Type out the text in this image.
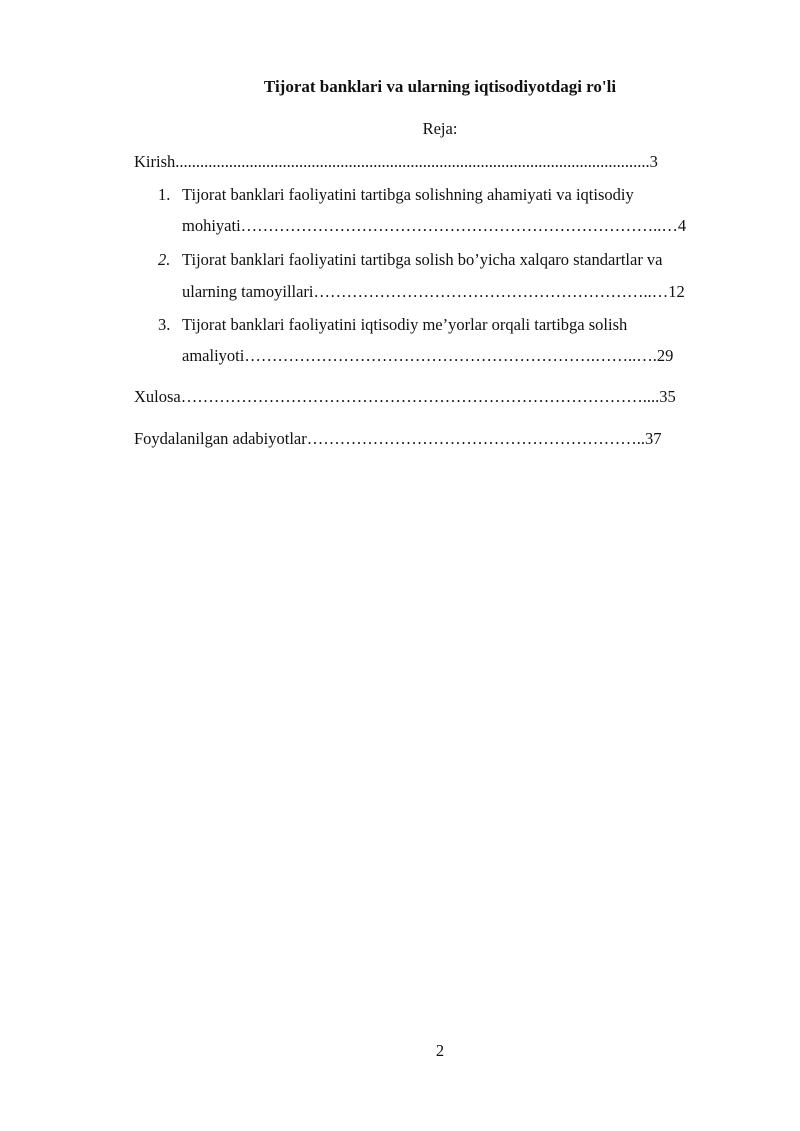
Tijorat banklari va ularning iqtisodiyotdagi ro'li
Reja:
Kirish...................................................................................................................3
1. Tijorat banklari faoliyatini tartibga solishning ahamiyati va iqtisodiy
mohiyati…………………………………………………………………..…4
2. Tijorat banklari faoliyatini tartibga solish bo’yicha xalqaro standartlar va
ularning tamoyillari……………………………………………………..…12
3. Tijorat banklari faoliyatini iqtisodiy me’yorlar orqali tartibga solish
amaliyoti……………………………………………………….……..….29
Xulosa…………………………………………………………………………....35
Foydalanilgan adabiyotlar……………………………………………………..37
2
